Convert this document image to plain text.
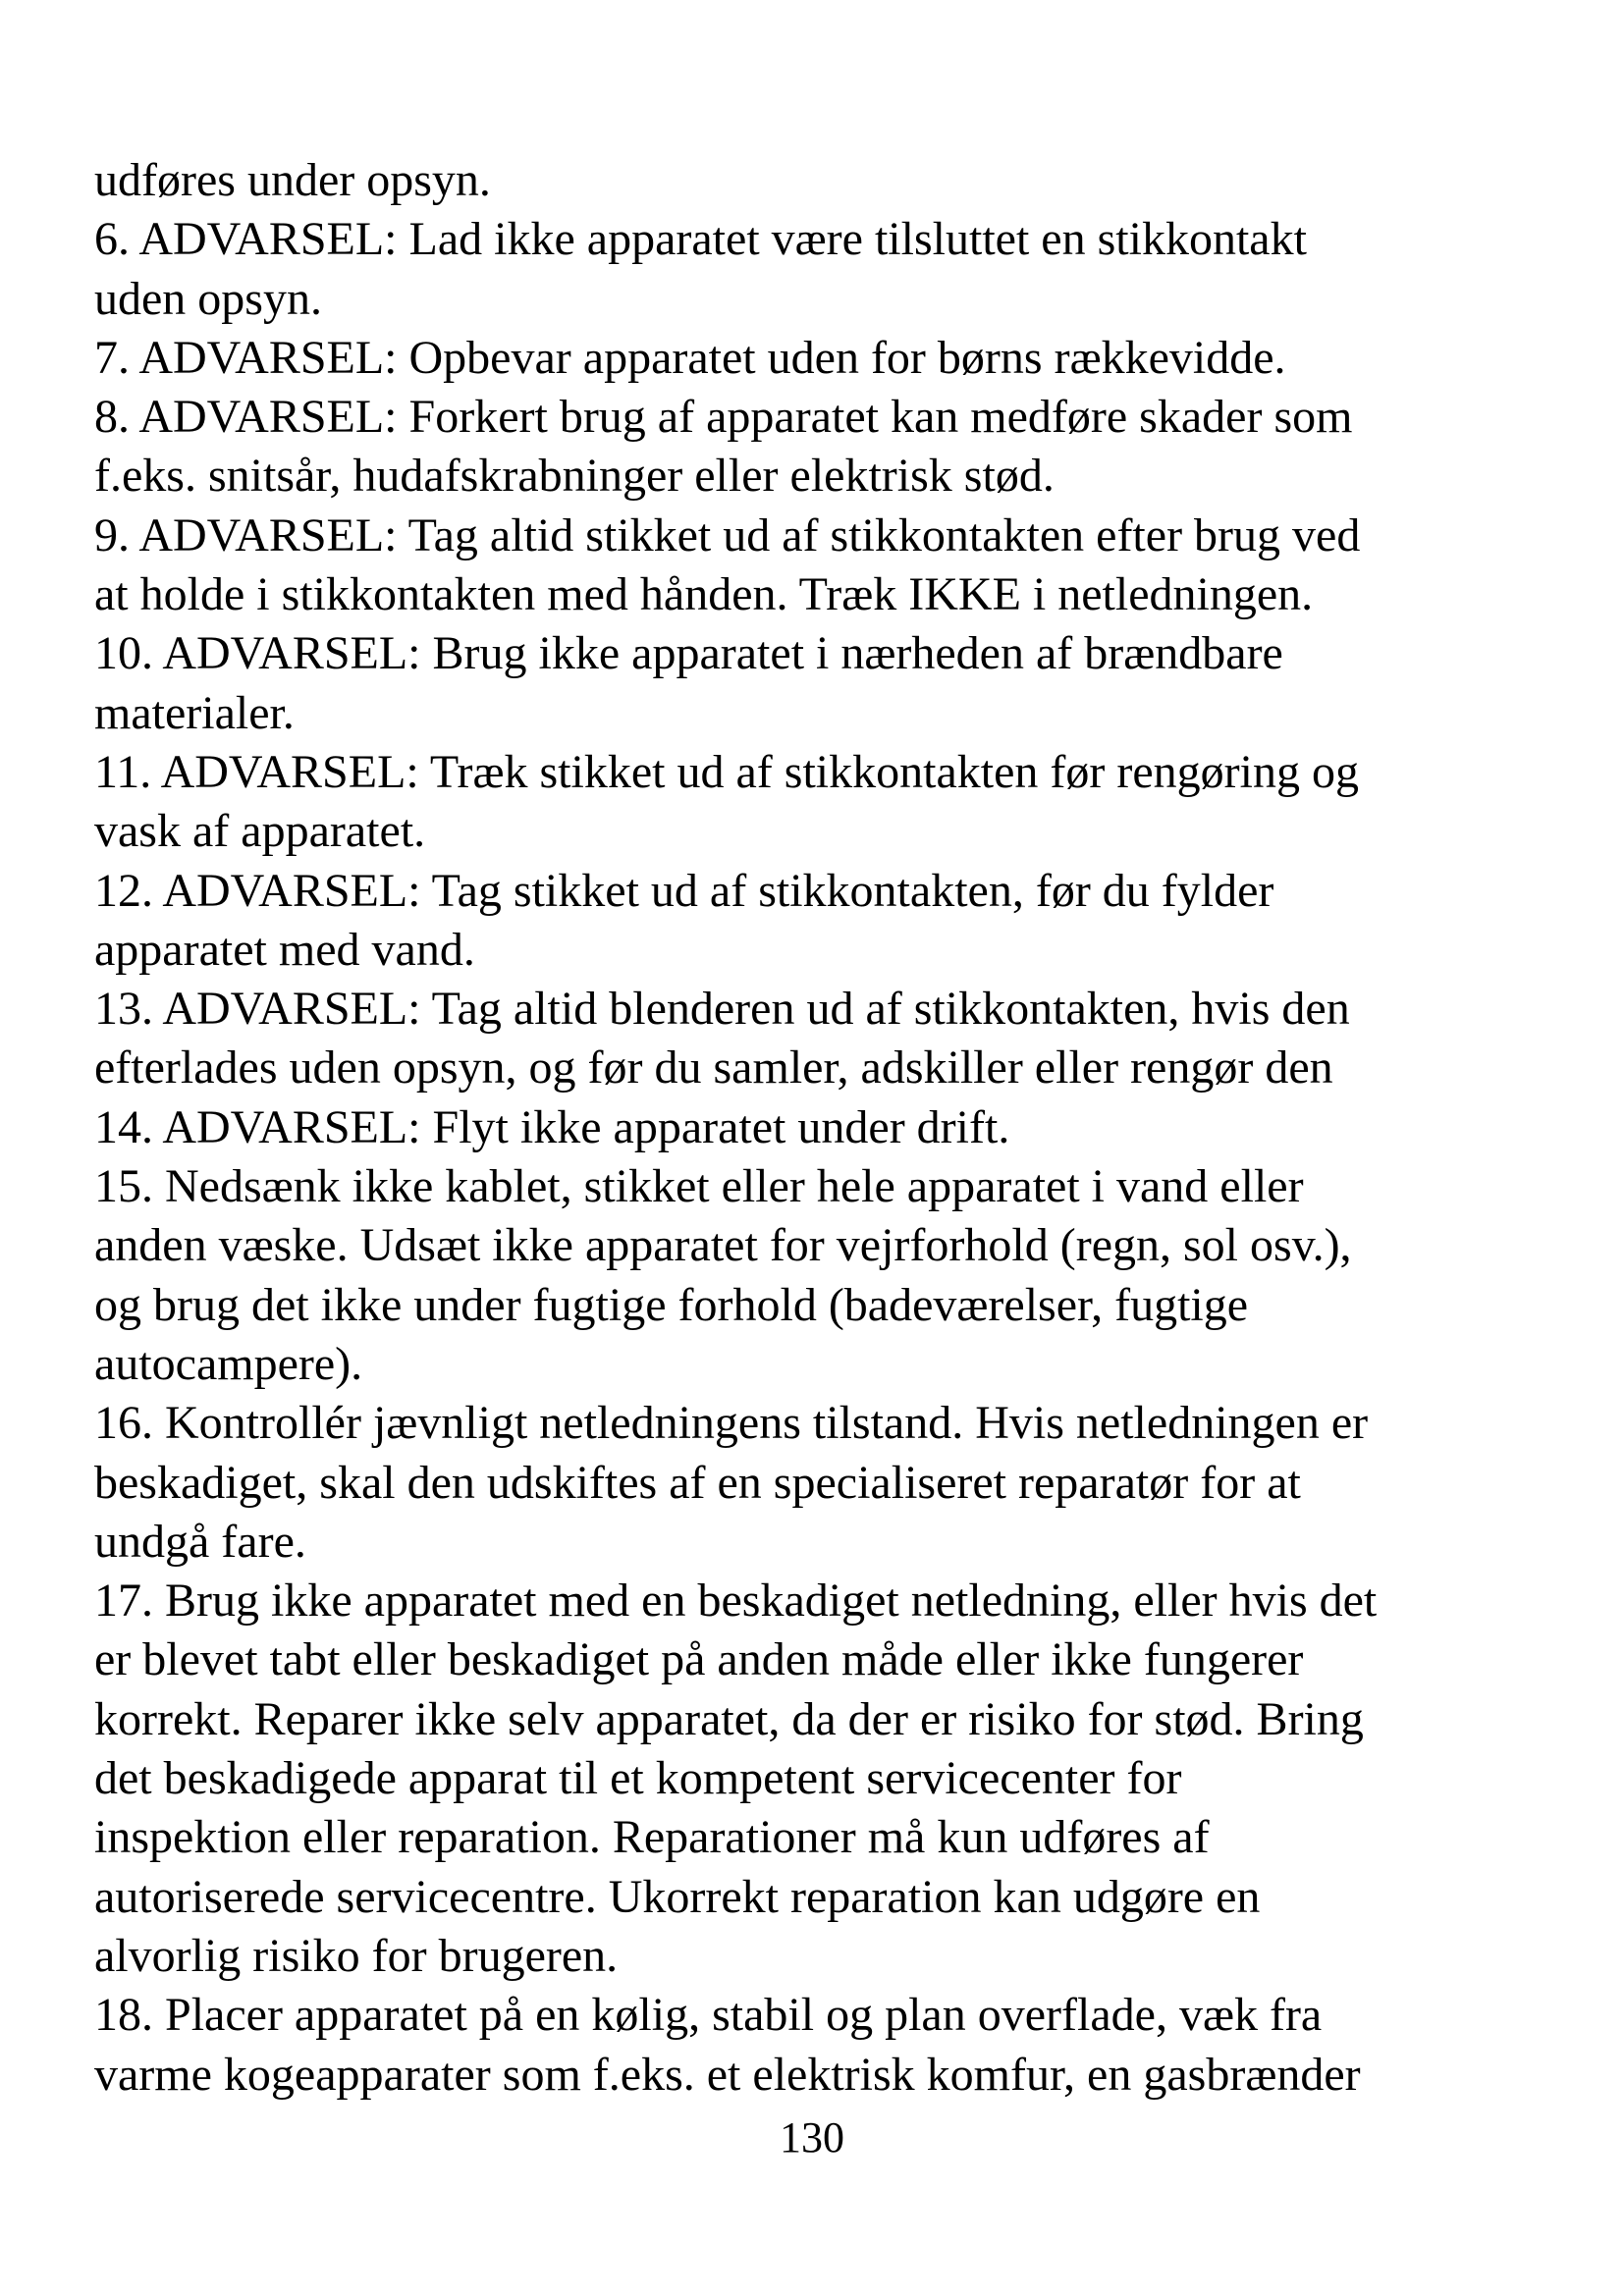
udføres under opsyn.
6. ADVARSEL: Lad ikke apparatet være tilsluttet en stikkontakt
uden opsyn.
7. ADVARSEL: Opbevar apparatet uden for børns rækkevidde.
8. ADVARSEL: Forkert brug af apparatet kan medføre skader som
f.eks. snitsår, hudafskrabninger eller elektrisk stød.
9. ADVARSEL: Tag altid stikket ud af stikkontakten efter brug ved
at holde i stikkontakten med hånden. Træk IKKE i netledningen.
10. ADVARSEL: Brug ikke apparatet i nærheden af brændbare
materialer.
11. ADVARSEL: Træk stikket ud af stikkontakten før rengøring og
vask af apparatet.
12. ADVARSEL: Tag stikket ud af stikkontakten, før du fylder
apparatet med vand.
13. ADVARSEL: Tag altid blenderen ud af stikkontakten, hvis den
efterlades uden opsyn, og før du samler, adskiller eller rengør den
14. ADVARSEL: Flyt ikke apparatet under drift.
15. Nedsænk ikke kablet, stikket eller hele apparatet i vand eller
anden væske. Udsæt ikke apparatet for vejrforhold (regn, sol osv.),
og brug det ikke under fugtige forhold (badeværelser, fugtige
autocampere).
16. Kontrollér jævnligt netledningens tilstand. Hvis netledningen er
beskadiget, skal den udskiftes af en specialiseret reparatør for at
undgå fare.
17. Brug ikke apparatet med en beskadiget netledning, eller hvis det
er blevet tabt eller beskadiget på anden måde eller ikke fungerer
korrekt. Reparer ikke selv apparatet, da der er risiko for stød. Bring
det beskadigede apparat til et kompetent servicecenter for
inspektion eller reparation. Reparationer må kun udføres af
autoriserede servicecentre. Ukorrekt reparation kan udgøre en
alvorlig risiko for brugeren.
18. Placer apparatet på en kølig, stabil og plan overflade, væk fra
varme kogeapparater som f.eks. et elektrisk komfur, en gasbrænder
130
